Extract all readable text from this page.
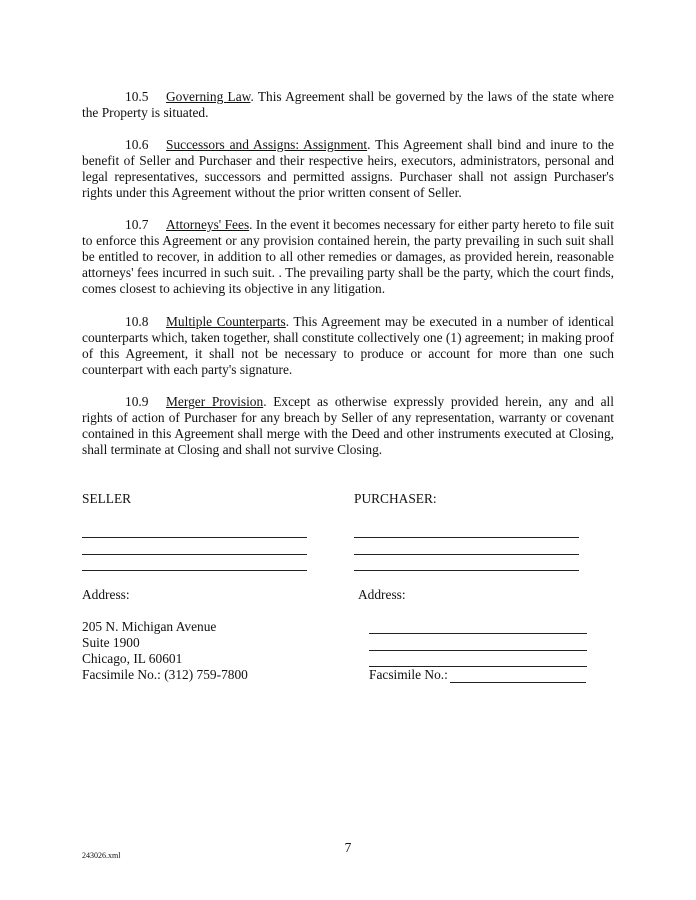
10.5 Governing Law. This Agreement shall be governed by the laws of the state where the Property is situated.

10.6 Successors and Assigns: Assignment. This Agreement shall bind and inure to the benefit of Seller and Purchaser and their respective heirs, executors, administrators, personal and legal representatives, successors and permitted assigns. Purchaser shall not assign Purchaser's rights under this Agreement without the prior written consent of Seller.

10.7 Attorneys' Fees. In the event it becomes necessary for either party hereto to file suit to enforce this Agreement or any provision contained herein, the party prevailing in such suit shall be entitled to recover, in addition to all other remedies or damages, as provided herein, reasonable attorneys' fees incurred in such suit. . The prevailing party shall be the party, which the court finds, comes closest to achieving its objective in any litigation.

10.8 Multiple Counterparts. This Agreement may be executed in a number of identical counterparts which, taken together, shall constitute collectively one (1) agreement; in making proof of this Agreement, it shall not be necessary to produce or account for more than one such counterpart with each party's signature.

10.9 Merger Provision. Except as otherwise expressly provided herein, any and all rights of action of Purchaser for any breach by Seller of any representation, warranty or covenant contained in this Agreement shall merge with the Deed and other instruments executed at Closing, shall terminate at Closing and shall not survive Closing.

SELLER	PURCHASER:
Address:	Address:
205 N. Michigan Avenue
Suite 1900
Chicago, IL 60601
Facsimile No.: (312) 759-7800	Facsimile No.:
7
243026.xml
